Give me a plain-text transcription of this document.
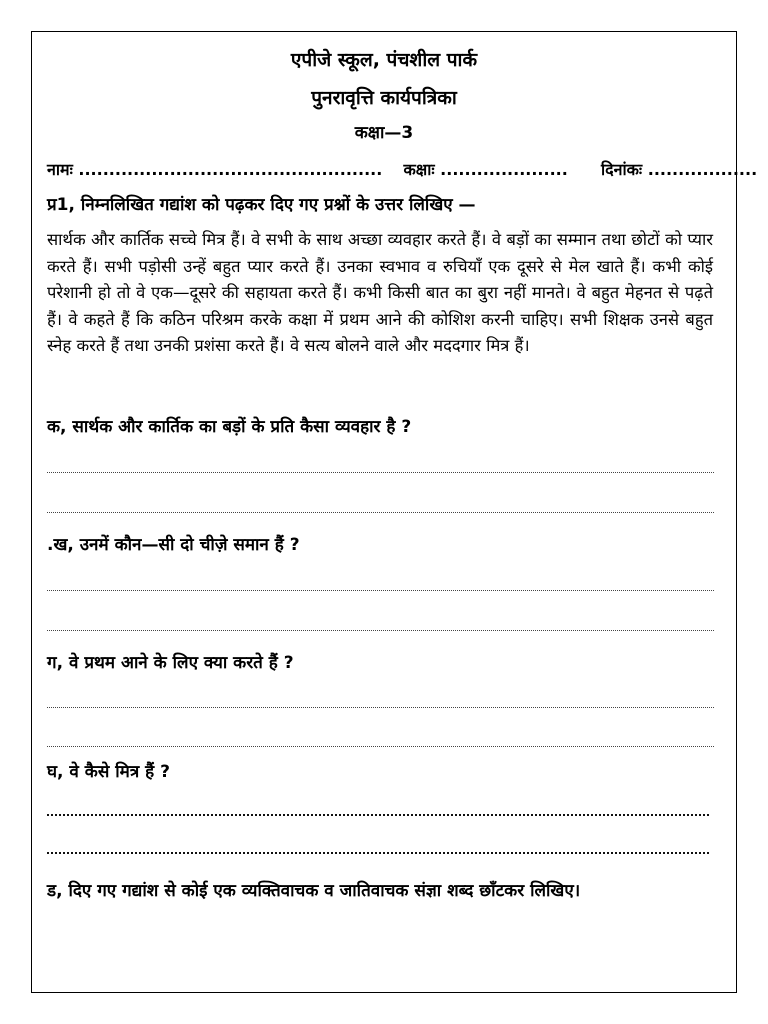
एपीजे स्कूल, पंचशील पार्क
पुनरावृत्ति कार्यपत्रिका
कक्षा—3
नामः .................................................. कक्षाः ..................... दिनांकः ..................
प्र1, निम्नलिखित गद्यांश को पढ़कर दिए गए प्रश्नों के उत्तर लिखिए —
सार्थक और कार्तिक सच्चे मित्र हैं। वे सभी के साथ अच्छा व्यवहार करते हैं। वे बड़ों का सम्मान तथा छोटों को प्यार करते हैं। सभी पड़ोसी उन्हें बहुत प्यार करते हैं। उनका स्वभाव व रुचियाँ एक दूसरे से मेल खाते हैं। कभी कोई परेशानी हो तो वे एक—दूसरे की सहायता करते हैं। कभी किसी बात का बुरा नहीं मानते। वे बहुत मेहनत से पढ़ते हैं। वे कहते हैं कि कठिन परिश्रम करके कक्षा में प्रथम आने की कोशिश करनी चाहिए। सभी शिक्षक उनसे बहुत स्नेह करते हैं तथा उनकी प्रशंसा करते हैं। वे सत्य बोलने वाले और मददगार मित्र हैं।
क, सार्थक और कार्तिक का बड़ों के प्रति कैसा व्यवहार है ?
.ख, उनमें कौन—सी दो चीज़े समान हैं ?
ग, वे प्रथम आने के लिए क्या करते हैं ?
घ, वे कैसे मित्र हैं ?
ड, दिए गए गद्यांश से कोई एक व्यक्तिवाचक व जातिवाचक संज्ञा शब्द छाँटकर लिखिए।
